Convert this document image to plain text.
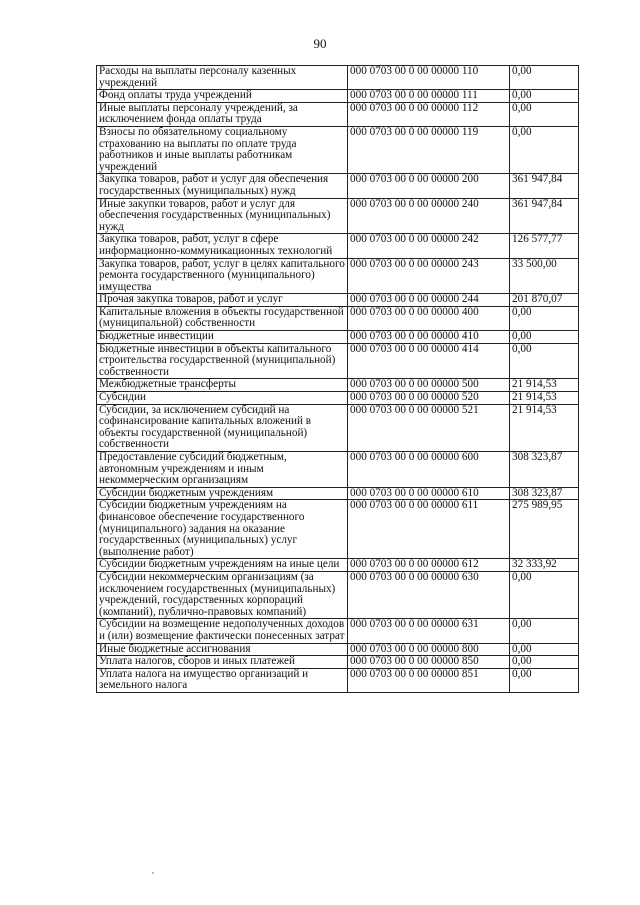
90
Расходы на выплаты персоналу казенных учреждений	000 0703 00 0 00 00000 110	0,00
Фонд оплаты труда учреждений	000 0703 00 0 00 00000 111	0,00
Иные выплаты персоналу учреждений, за исключением фонда оплаты труда	000 0703 00 0 00 00000 112	0,00
Взносы по обязательному социальному страхованию на выплаты по оплате труда работников и иные выплаты работникам учреждений	000 0703 00 0 00 00000 119	0,00
Закупка товаров, работ и услуг для обеспечения государственных (муниципальных) нужд	000 0703 00 0 00 00000 200	361 947,84
Иные закупки товаров, работ и услуг для обеспечения государственных (муниципальных) нужд	000 0703 00 0 00 00000 240	361 947,84
Закупка товаров, работ, услуг в сфере информационно-коммуникационных технологий	000 0703 00 0 00 00000 242	126 577,77
Закупка товаров, работ, услуг в целях капитального ремонта государственного (муниципального) имущества	000 0703 00 0 00 00000 243	33 500,00
Прочая закупка товаров, работ и услуг	000 0703 00 0 00 00000 244	201 870,07
Капитальные вложения в объекты государственной (муниципальной) собственности	000 0703 00 0 00 00000 400	0,00
Бюджетные инвестиции	000 0703 00 0 00 00000 410	0,00
Бюджетные инвестиции в объекты капитального строительства государственной (муниципальной) собственности	000 0703 00 0 00 00000 414	0,00
Межбюджетные трансферты	000 0703 00 0 00 00000 500	21 914,53
Субсидии	000 0703 00 0 00 00000 520	21 914,53
Субсидии, за исключением субсидий на софинансирование капитальных вложений в объекты государственной (муниципальной) собственности	000 0703 00 0 00 00000 521	21 914,53
Предоставление субсидий бюджетным, автономным учреждениям и иным некоммерческим организациям	000 0703 00 0 00 00000 600	308 323,87
Субсидии бюджетным учреждениям	000 0703 00 0 00 00000 610	308 323,87
Субсидии бюджетным учреждениям на финансовое обеспечение государственного (муниципального) задания на оказание государственных (муниципальных) услуг (выполнение работ)	000 0703 00 0 00 00000 611	275 989,95
Субсидии бюджетным учреждениям на иные цели	000 0703 00 0 00 00000 612	32 333,92
Субсидии некоммерческим организациям (за исключением государственных (муниципальных) учреждений, государственных корпораций (компаний), публично-правовых компаний)	000 0703 00 0 00 00000 630	0,00
Субсидии на возмещение недополученных доходов и (или) возмещение фактически понесенных затрат	000 0703 00 0 00 00000 631	0,00
Иные бюджетные ассигнования	000 0703 00 0 00 00000 800	0,00
Уплата налогов, сборов и иных платежей	000 0703 00 0 00 00000 850	0,00
Уплата налога на имущество организаций и земельного налога	000 0703 00 0 00 00000 851	0,00
